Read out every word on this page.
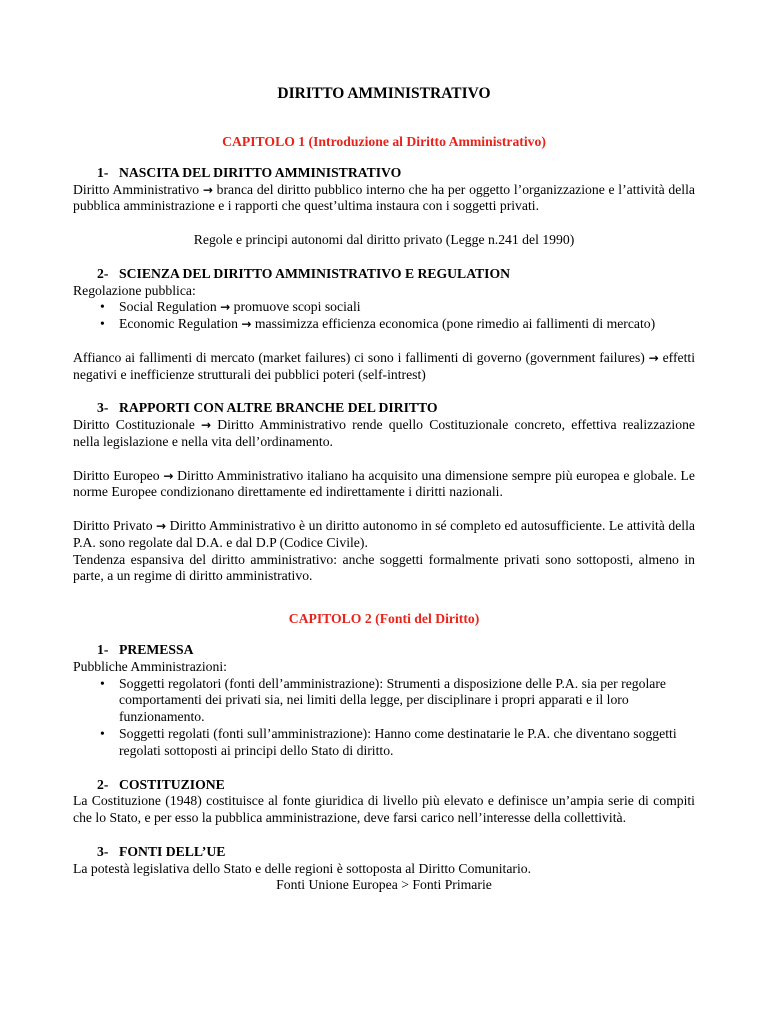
DIRITTO AMMINISTRATIVO
CAPITOLO 1 (Introduzione al Diritto Amministrativo)
1- NASCITA DEL DIRITTO AMMINISTRATIVO

Diritto Amministrativo → branca del diritto pubblico interno che ha per oggetto l’organizzazione e l’attività della pubblica amministrazione e i rapporti che quest’ultima instaura con i soggetti privati.

Regole e principi autonomi dal diritto privato (Legge n.241 del 1990)

2- SCIENZA DEL DIRITTO AMMINISTRATIVO E REGULATION

Regolazione pubblica:

• Social Regulation → promuove scopi sociali
• Economic Regulation → massimizza efficienza economica (pone rimedio ai fallimenti di mercato)

Affianco ai fallimenti di mercato (market failures) ci sono i fallimenti di governo (government failures) → effetti negativi e inefficienze strutturali dei pubblici poteri (self-intrest)

3- RAPPORTI CON ALTRE BRANCHE DEL DIRITTO

Diritto Costituzionale → Diritto Amministrativo rende quello Costituzionale concreto, effettiva realizzazione nella legislazione e nella vita dell’ordinamento.

Diritto Europeo → Diritto Amministrativo italiano ha acquisito una dimensione sempre più europea e globale. Le norme Europee condizionano direttamente ed indirettamente i diritti nazionali.

Diritto Privato → Diritto Amministrativo è un diritto autonomo in sé completo ed autosufficiente. Le attività della P.A. sono regolate dal D.A. e dal D.P (Codice Civile).

Tendenza espansiva del diritto amministrativo: anche soggetti formalmente privati sono sottoposti, almeno in parte, a un regime di diritto amministrativo.

CAPITOLO 2 (Fonti del Diritto)
1- PREMESSA

Pubbliche Amministrazioni:

• Soggetti regolatori (fonti dell’amministrazione): Strumenti a disposizione delle P.A. sia per regolare comportamenti dei privati sia, nei limiti della legge, per disciplinare i propri apparati e il loro funzionamento.
• Soggetti regolati (fonti sull’amministrazione): Hanno come destinatarie le P.A. che diventano soggetti regolati sottoposti ai principi dello Stato di diritto.
2- COSTITUZIONE

La Costituzione (1948) costituisce al fonte giuridica di livello più elevato e definisce un’ampia serie di compiti che lo Stato, e per esso la pubblica amministrazione, deve farsi carico nell’interesse della collettività.

3- FONTI DELL’UE

La potestà legislativa dello Stato e delle regioni è sottoposta al Diritto Comunitario.

Fonti Unione Europea > Fonti Primarie
